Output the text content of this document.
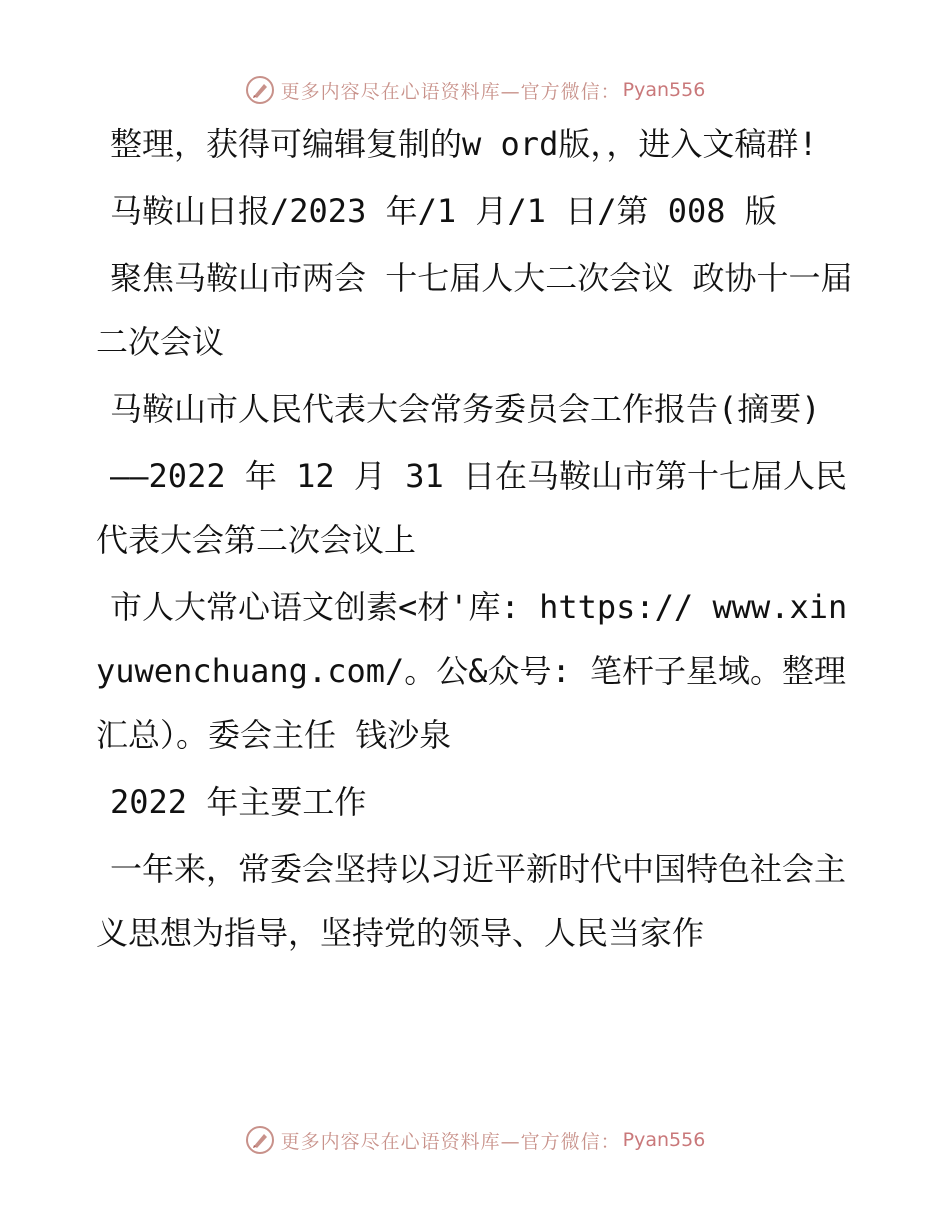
更多内容尽在心语资料库—官方微信： Pyan556

整理，获得可编辑复制的w ord版，，进入文稿群!

马鞍山日报/2023 年/1 月/1 日/第 008 版

聚焦马鞍山市两会 十七届人大二次会议 政协十一届二次会议

马鞍山市人民代表大会常务委员会工作报告(摘要)

——2022 年 12 月 31 日在马鞍山市第十七届人民代表大会第二次会议上

市人大常心语文创素<材'库: https:// www.xinyuwenchuang.com/。公&众号: 笔杆子星域。整理汇总）。委会主任 钱沙泉

2022 年主要工作

一年来，常委会坚持以习近平新时代中国特色社会主义思想为指导，坚持党的领导、人民当家作

更多内容尽在心语资料库—官方微信： Pyan556
